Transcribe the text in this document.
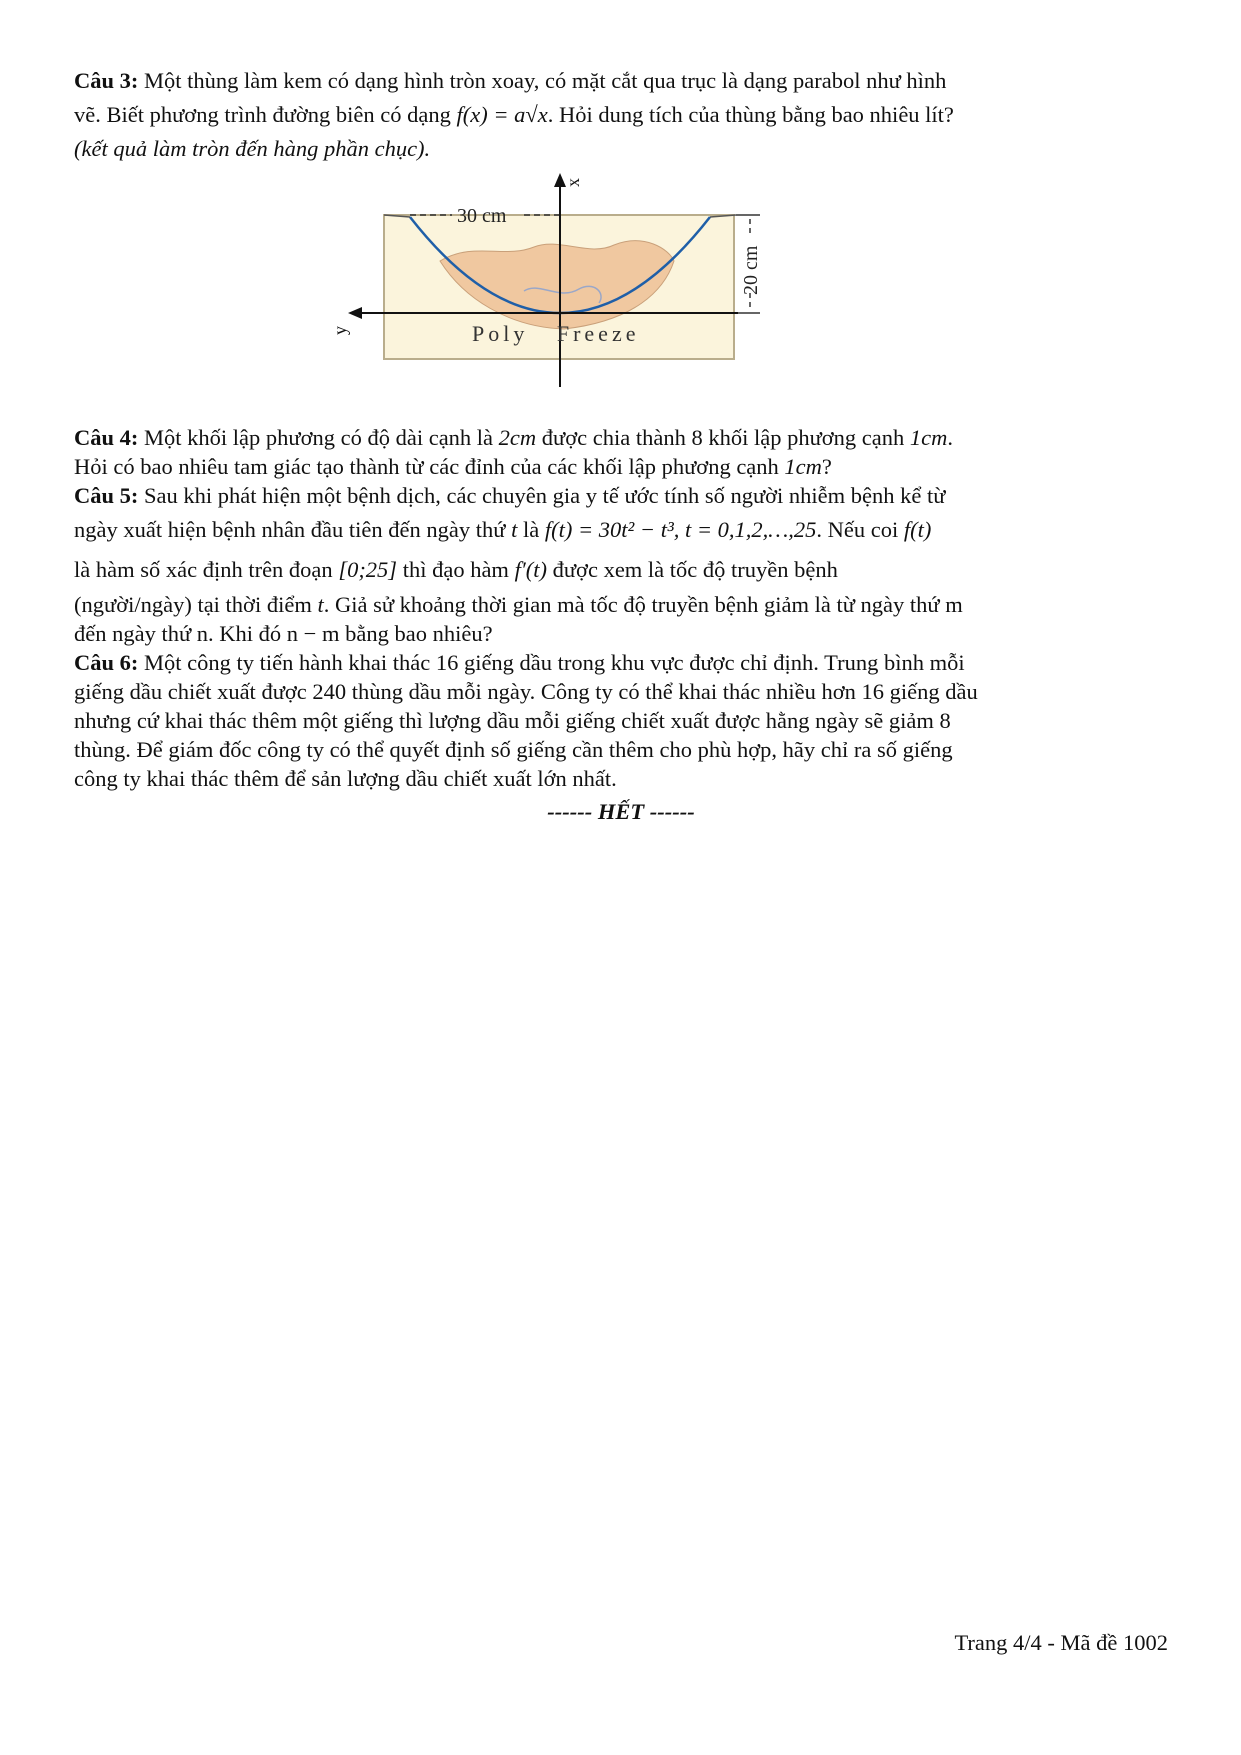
Câu 3: Một thùng làm kem có dạng hình tròn xoay, có mặt cắt qua trục là dạng parabol như hình

vẽ. Biết phương trình đường biên có dạng f(x) = a√x. Hỏi dung tích của thùng bằng bao nhiêu lít?

(kết quả làm tròn đến hàng phần chục).

30 cm
20 cm
y
x
Poly   Freeze

Câu 4: Một khối lập phương có độ dài cạnh là 2cm được chia thành 8 khối lập phương cạnh 1cm.

Hỏi có bao nhiêu tam giác tạo thành từ các đỉnh của các khối lập phương cạnh 1cm?

Câu 5: Sau khi phát hiện một bệnh dịch, các chuyên gia y tế ước tính số người nhiễm bệnh kể từ

ngày xuất hiện bệnh nhân đầu tiên đến ngày thứ t là f(t) = 30t² − t³, t = 0,1,2,…,25. Nếu coi f(t)

là hàm số xác định trên đoạn [0;25] thì đạo hàm f′(t) được xem là tốc độ truyền bệnh

(người/ngày) tại thời điểm t. Giả sử khoảng thời gian mà tốc độ truyền bệnh giảm là từ ngày thứ m

đến ngày thứ n. Khi đó n − m bằng bao nhiêu?

Câu 6: Một công ty tiến hành khai thác 16 giếng dầu trong khu vực được chỉ định. Trung bình mỗi

giếng dầu chiết xuất được 240 thùng dầu mỗi ngày. Công ty có thể khai thác nhiều hơn 16 giếng dầu

nhưng cứ khai thác thêm một giếng thì lượng dầu mỗi giếng chiết xuất được hằng ngày sẽ giảm 8

thùng. Để giám đốc công ty có thể quyết định số giếng cần thêm cho phù hợp, hãy chỉ ra số giếng

công ty khai thác thêm để sản lượng dầu chiết xuất lớn nhất.

------ HẾT ------

Trang 4/4 - Mã đề 1002
